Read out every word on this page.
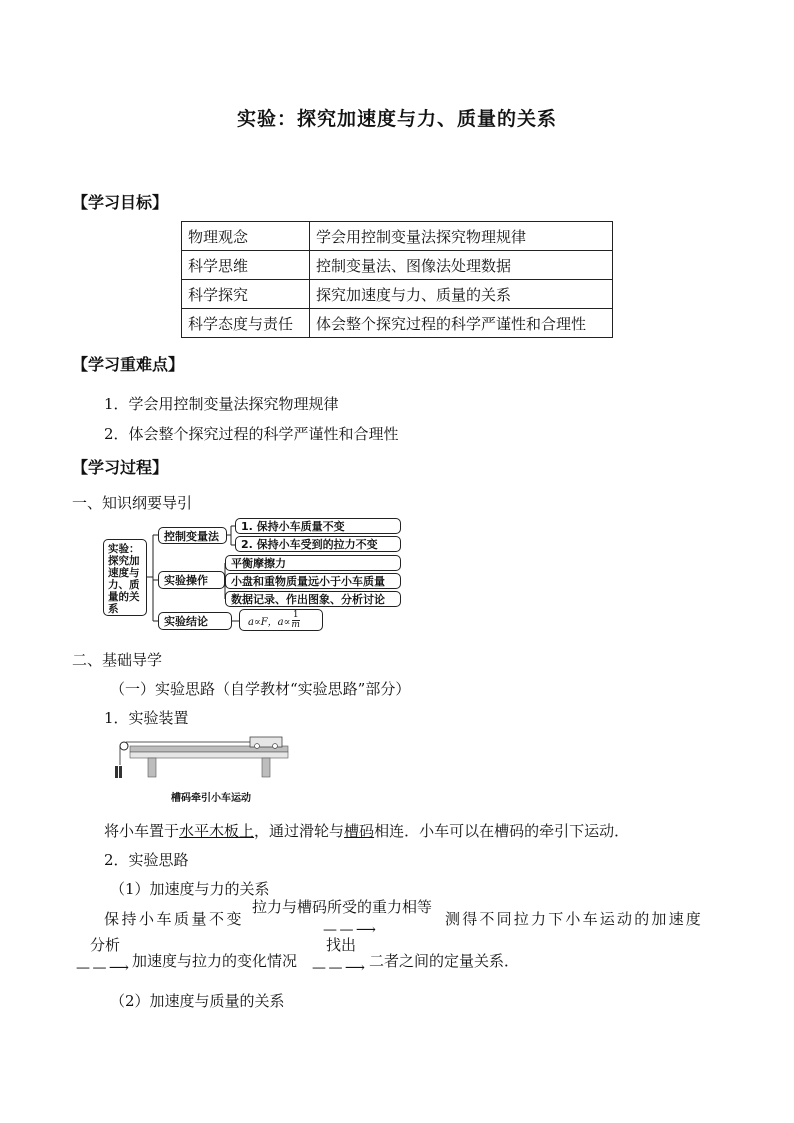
实验：探究加速度与力、质量的关系
【学习目标】
物理观念	学会用控制变量法探究物理规律
科学思维	控制变量法、图像法处理数据
科学探究	探究加速度与力、质量的关系
科学态度与责任	体会整个探究过程的科学严谨性和合理性
【学习重难点】
1．学会用控制变量法探究物理规律
2．体会整个探究过程的科学严谨性和合理性
【学习过程】
一、知识纲要导引
实验：探究加速度与力、质量的关系
控制变量法
1. 保持小车质量不变
2. 保持小车受到的拉力不变
实验操作
平衡摩擦力
小盘和重物质量远小于小车质量
数据记录、作出图象、分析讨论
实验结论	a∝F，$a\propto \frac{1}{m}$
二、基础导学
（一）实验思路（自学教材“实验思路”部分）
1．实验装置
槽码牵引小车运动
将小车置于水平木板上，通过滑轮与槽码相连．小车可以在槽码的牵引下运动．
2．实验思路
（1）加速度与力的关系
保持小车质量不变
拉力与槽码所受的重力相等
— — ⟶
测得不同拉力下小车运动的加速度
分析
— — ⟶ 加速度与拉力的变化情况
找出
— — ⟶ 二者之间的定量关系．
（2）加速度与质量的关系
